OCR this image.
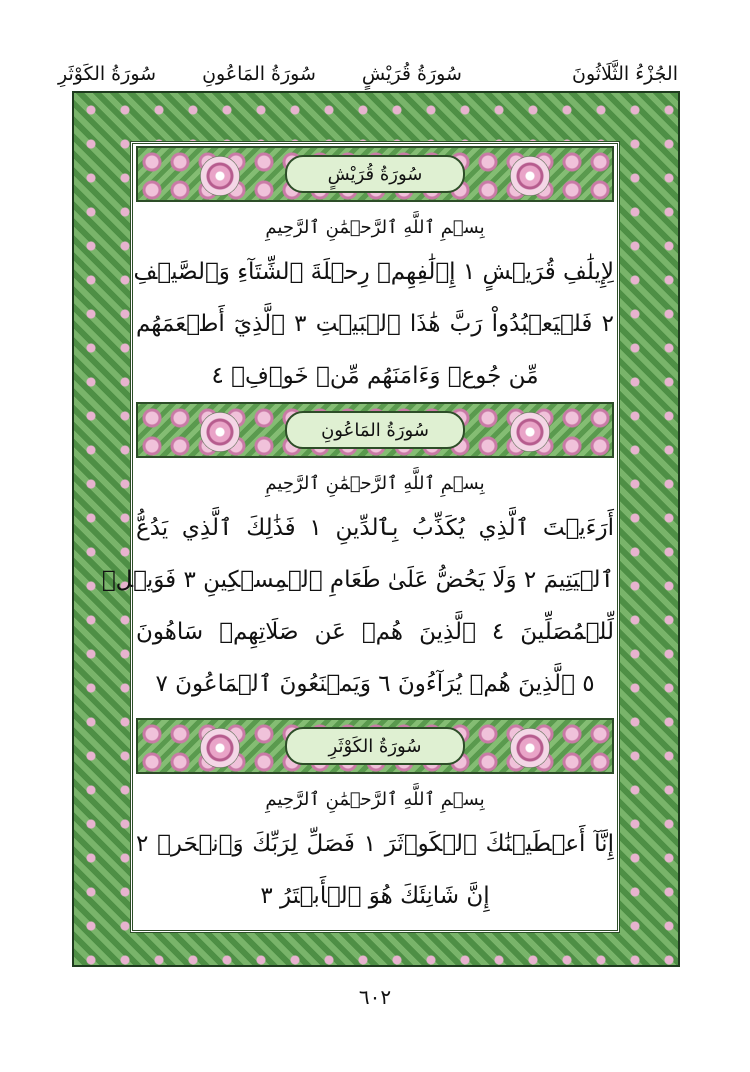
الجُزْءُ الثَّلَاثُونَ
سُورَةُ قُرَيْشٍ
سُورَةُ المَاعُونِ
سُورَةُ الكَوْثَرِ
سُورَةُ قُرَيْشٍ
بِسۡمِ ٱللَّهِ ٱلرَّحۡمَٰنِ ٱلرَّحِيمِ
لِإِيلَٰفِ قُرَيۡشٍ ١ إِۦلَٰفِهِمۡ رِحۡلَةَ ٱلشِّتَآءِ وَٱلصَّيۡفِ
٢ فَلۡيَعۡبُدُواْ رَبَّ هَٰذَا ٱلۡبَيۡتِ ٣ ٱلَّذِيٓ أَطۡعَمَهُم
مِّن جُوعٖ وَءَامَنَهُم مِّنۡ خَوۡفِۭ ٤
سُورَةُ المَاعُونِ
بِسۡمِ ٱللَّهِ ٱلرَّحۡمَٰنِ ٱلرَّحِيمِ
أَرَءَيۡتَ ٱلَّذِي يُكَذِّبُ بِٱلدِّينِ ١ فَذَٰلِكَ ٱلَّذِي يَدُعُّ
ٱلۡيَتِيمَ ٢ وَلَا يَحُضُّ عَلَىٰ طَعَامِ ٱلۡمِسۡكِينِ ٣ فَوَيۡلٞ
لِّلۡمُصَلِّينَ ٤ ٱلَّذِينَ هُمۡ عَن صَلَاتِهِمۡ سَاهُونَ
٥ ٱلَّذِينَ هُمۡ يُرَآءُونَ ٦ وَيَمۡنَعُونَ ٱلۡمَاعُونَ ٧
سُورَةُ الكَوْثَرِ
بِسۡمِ ٱللَّهِ ٱلرَّحۡمَٰنِ ٱلرَّحِيمِ
إِنَّآ أَعۡطَيۡنَٰكَ ٱلۡكَوۡثَرَ ١ فَصَلِّ لِرَبِّكَ وَٱنۡحَرۡ ٢
إِنَّ شَانِئَكَ هُوَ ٱلۡأَبۡتَرُ ٣
٦٠٢
